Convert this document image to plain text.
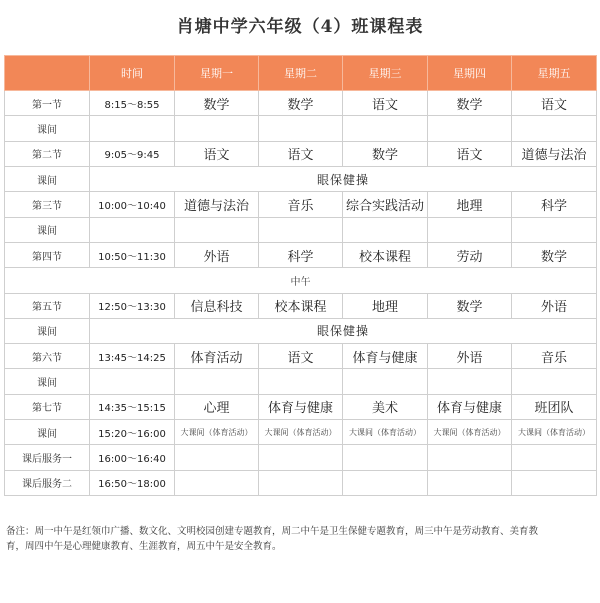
肖塘中学六年级（4）班课程表
	时间	星期一	星期二	星期三	星期四	星期五
第一节	8:15～8:55	数学	数学	语文	数学	语文
课间						
第二节	9:05～9:45	语文	语文	数学	语文	道德与法治
课间	眼保健操					
第三节	10:00～10:40	道德与法治	音乐	综合实践活动	地理	科学
课间						
第四节	10:50～11:30	外语	科学	校本课程	劳动	数学
中午						
第五节	12:50～13:30	信息科技	校本课程	地理	数学	外语
课间	眼保健操					
第六节	13:45～14:25	体育活动	语文	体育与健康	外语	音乐
课间						
第七节	14:35～15:15	心理	体育与健康	美术	体育与健康	班团队
课间	15:20～16:00	大课间（体育活动）	大课间（体育活动）	大课间（体育活动）	大课间（体育活动）	大课间（体育活动）
课后服务一	16:00～16:40					
课后服务二	16:50～18:00					
备注：周一中午是红领巾广播、数文化、文明校园创建专题教育，周二中午是卫生保健专题教育，周三中午是劳动教育、美育教
育，周四中午是心理健康教育、生涯教育，周五中午是安全教育。
